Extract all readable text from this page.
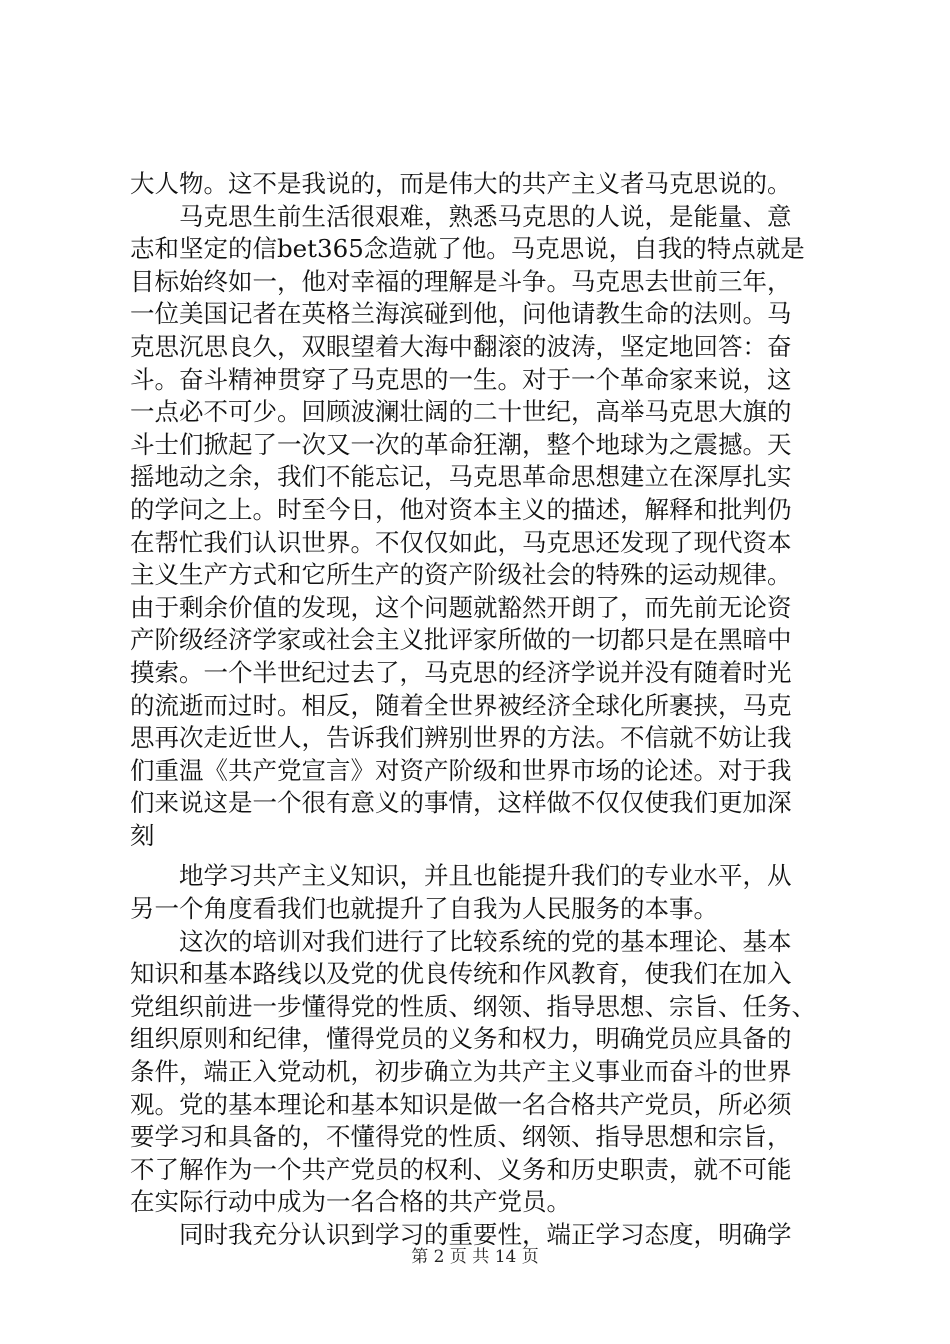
大人物。这不是我说的，而是伟大的共产主义者马克思说的。
　　马克思生前生活很艰难，熟悉马克思的人说，是能量、意
志和坚定的信bet365念造就了他。马克思说，自我的特点就是
目标始终如一，他对幸福的理解是斗争。马克思去世前三年，
一位美国记者在英格兰海滨碰到他，问他请教生命的法则。马
克思沉思良久，双眼望着大海中翻滚的波涛，坚定地回答：奋
斗。奋斗精神贯穿了马克思的一生。对于一个革命家来说，这
一点必不可少。回顾波澜壮阔的二十世纪，高举马克思大旗的
斗士们掀起了一次又一次的革命狂潮，整个地球为之震撼。天
摇地动之余，我们不能忘记，马克思革命思想建立在深厚扎实
的学问之上。时至今日，他对资本主义的描述，解释和批判仍
在帮忙我们认识世界。不仅仅如此，马克思还发现了现代资本
主义生产方式和它所生产的资产阶级社会的特殊的运动规律。
由于剩余价值的发现，这个问题就豁然开朗了，而先前无论资
产阶级经济学家或社会主义批评家所做的一切都只是在黑暗中
摸索。一个半世纪过去了，马克思的经济学说并没有随着时光
的流逝而过时。相反，随着全世界被经济全球化所裹挟，马克
思再次走近世人，告诉我们辨别世界的方法。不信就不妨让我
们重温《共产党宣言》对资产阶级和世界市场的论述。对于我
们来说这是一个很有意义的事情，这样做不仅仅使我们更加深
刻
　　地学习共产主义知识，并且也能提升我们的专业水平，从
另一个角度看我们也就提升了自我为人民服务的本事。
　　这次的培训对我们进行了比较系统的党的基本理论、基本
知识和基本路线以及党的优良传统和作风教育，使我们在加入
党组织前进一步懂得党的性质、纲领、指导思想、宗旨、任务、
组织原则和纪律，懂得党员的义务和权力，明确党员应具备的
条件，端正入党动机，初步确立为共产主义事业而奋斗的世界
观。党的基本理论和基本知识是做一名合格共产党员，所必须
要学习和具备的，不懂得党的性质、纲领、指导思想和宗旨，
不了解作为一个共产党员的权利、义务和历史职责，就不可能
在实际行动中成为一名合格的共产党员。
　　同时我充分认识到学习的重要性，端正学习态度，明确学
第 2 页 共 14 页
